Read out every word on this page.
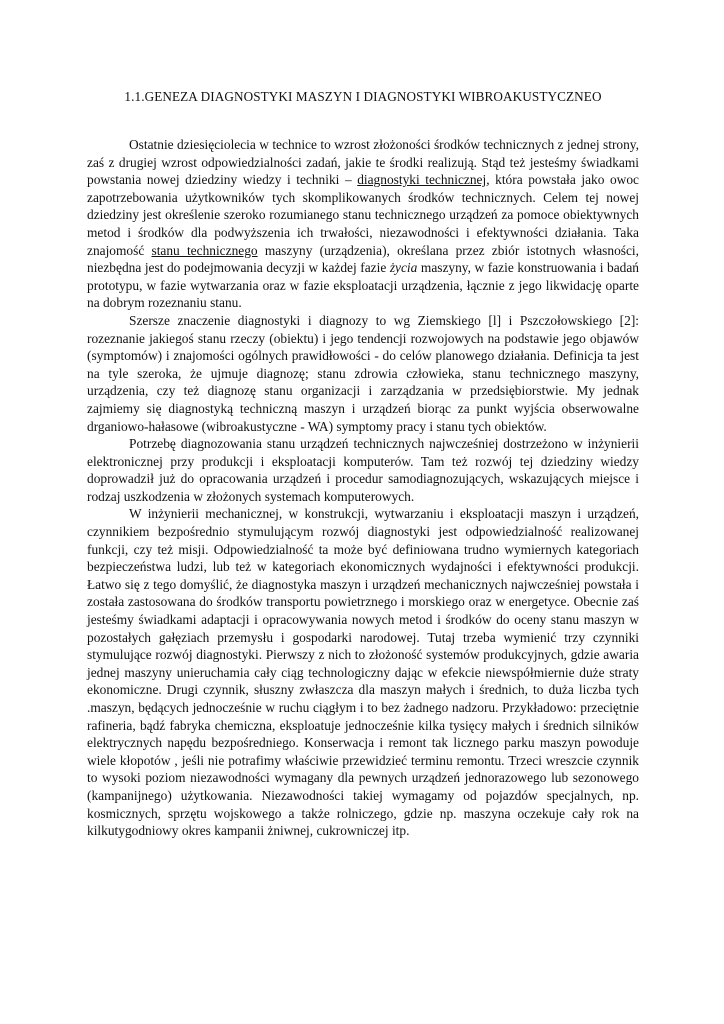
1.1.GENEZA DIAGNOSTYKI MASZYN I DIAGNOSTYKI WIBROAKUSTYCZNEO

Ostatnie dziesięciolecia w technice to wzrost złożoności środków technicznych z jednej strony, zaś z drugiej wzrost odpowiedzialności zadań, jakie te środki realizują. Stąd też jesteśmy świadkami powstania nowej dziedziny wiedzy i techniki – diagnostyki technicznej, która powstała jako owoc zapotrzebowania użytkowników tych skomplikowanych środków technicznych. Celem tej nowej dziedziny jest określenie szeroko rozumianego stanu technicznego urządzeń za pomoce obiektywnych metod i środków dla podwyższenia ich trwałości, niezawodności i efektywności działania. Taka znajomość stanu technicznego maszyny (urządzenia), określana przez zbiór istotnych własności, niezbędna jest do podejmowania decyzji w każdej fazie życia maszyny, w fazie konstruowania i badań prototypu, w fazie wytwarzania oraz w fazie eksploatacji urządzenia, łącznie z jego likwidację oparte na dobrym rozeznaniu stanu.

Szersze znaczenie diagnostyki i diagnozy to wg Ziemskiego [l] i Pszczołowskiego [2]: rozeznanie jakiegoś stanu rzeczy (obiektu) i jego tendencji rozwojowych na podstawie jego objawów (symptomów) i znajomości ogólnych prawidłowości - do celów planowego działania. Definicja ta jest na tyle szeroka, że ujmuje diagnozę; stanu zdrowia człowieka, stanu technicznego maszyny, urządzenia, czy też diagnozę stanu organizacji i zarządzania w przedsiębiorstwie. My jednak zajmiemy się diagnostyką techniczną maszyn i urządzeń biorąc za punkt wyjścia obserwowalne drganiowo-hałasowe (wibroakustyczne - WA) symptomy pracy i stanu tych obiektów.

Potrzebę diagnozowania stanu urządzeń technicznych najwcześniej dostrzeżono w inżynierii elektronicznej przy produkcji i eksploatacji komputerów. Tam też rozwój tej dziedziny wiedzy doprowadził już do opracowania urządzeń i procedur samodiagnozujących, wskazujących miejsce i rodzaj uszkodzenia w złożonych systemach komputerowych.

W inżynierii mechanicznej, w konstrukcji, wytwarzaniu i eksploatacji maszyn i urządzeń, czynnikiem bezpośrednio stymulującym rozwój diagnostyki jest odpowiedzialność realizowanej funkcji, czy też misji. Odpowiedzialność ta może być definiowana trudno wymiernych kategoriach bezpieczeństwa ludzi, lub też w kategoriach ekonomicznych wydajności i efektywności produkcji. Łatwo się z tego domyślić, że diagnostyka maszyn i urządzeń mechanicznych najwcześniej powstała i została zastosowana do środków transportu powietrznego i morskiego oraz w energetyce. Obecnie zaś jesteśmy świadkami adaptacji i opracowywania nowych metod i środków do oceny stanu maszyn w pozostałych gałęziach przemysłu i gospodarki narodowej. Tutaj trzeba wymienić trzy czynniki stymulujące rozwój diagnostyki. Pierwszy z nich to złożoność systemów produkcyjnych, gdzie awaria jednej maszyny unieruchamia cały ciąg technologiczny dając w efekcie niewspółmiernie duże straty ekonomiczne. Drugi czynnik, słuszny zwłaszcza dla maszyn małych i średnich, to duża liczba tych .maszyn, będących jednocześnie w ruchu ciągłym i to bez żadnego nadzoru. Przykładowo: przeciętnie rafineria, bądź fabryka chemiczna, eksploatuje jednocześnie kilka tysięcy małych i średnich silników elektrycznych napędu bezpośredniego. Konserwacja i remont tak licznego parku maszyn powoduje wiele kłopotów , jeśli nie potrafimy właściwie przewidzieć terminu remontu. Trzeci wreszcie czynnik to wysoki poziom niezawodności wymagany dla pewnych urządzeń jednorazowego lub sezonowego (kampanijnego) użytkowania. Niezawodności takiej wymagamy od pojazdów specjalnych, np. kosmicznych, sprzętu wojskowego a także rolniczego, gdzie np. maszyna oczekuje cały rok na kilkutygodniowy okres kampanii żniwnej, cukrowniczej itp.
